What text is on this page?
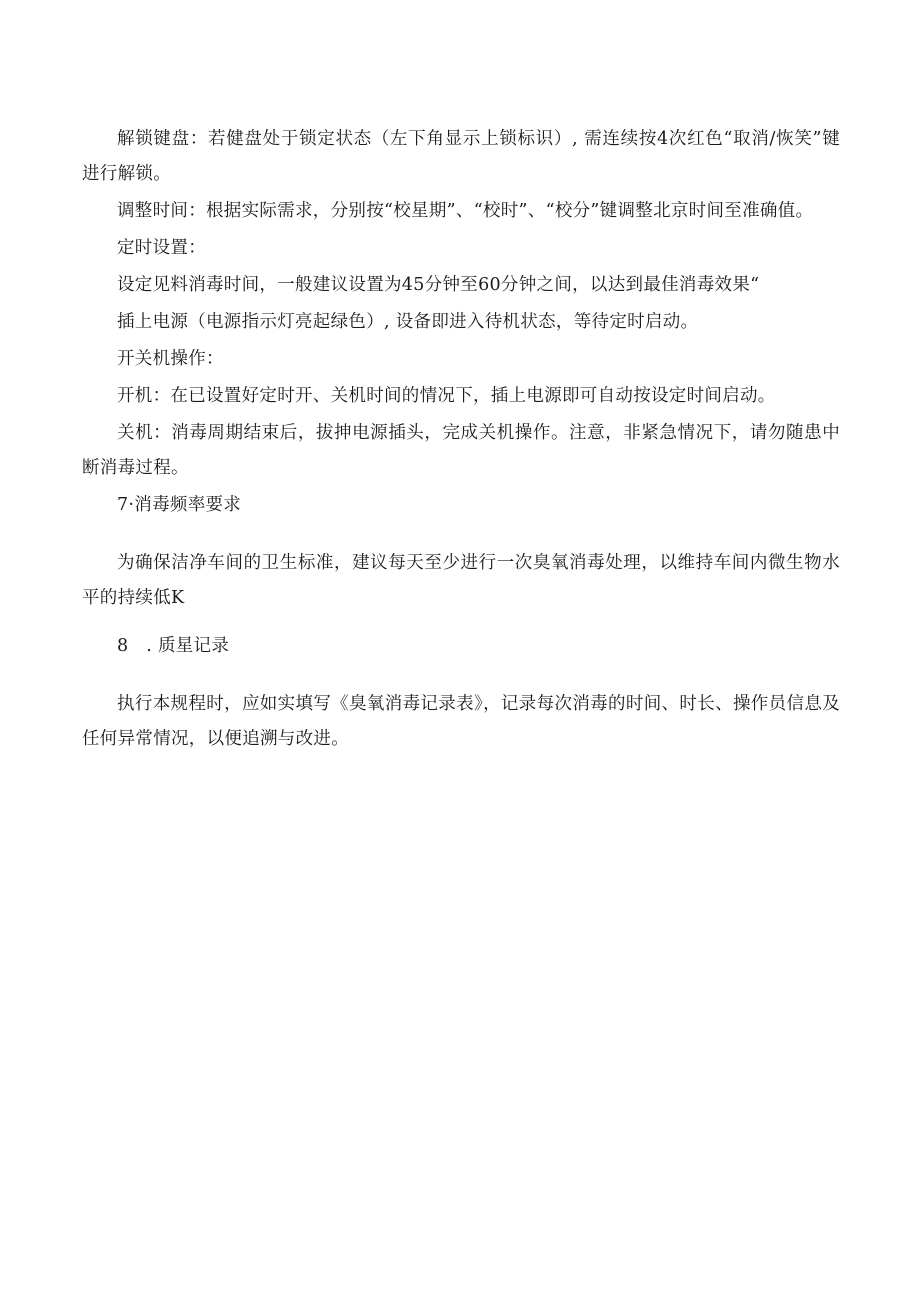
解锁键盘：若健盘处于锁定状态（左下角显示上锁标识）, 需连续按4次红色“取消/恢笑”键进行解锁。

调整时间：根据实际需求，分别按“校星期”、“校时”、“校分”键调整北京时间至准确值。

定时设置：

设定见料消毒时间，一般建议设置为45分钟至60分钟之间，以达到最佳消毒效果“

插上电源（电源指示灯亮起绿色）, 设备即进入待机状态，等待定时启动。

开关机操作：

开机：在已设置好定时开、关机时间的情况下，插上电源即可自动按设定时间启动。

关机：消毒周期结束后，拔抻电源插头，完成关机操作。注意，非紧急情况下，请勿随患中断消毒过程。

7·消毒频率要求

为确保洁净车间的卫生标准，建议每天至少进行一次臭氧消毒处理，以维持车间内微生物水平的持续低K

8　. 质星记录

执行本规程时，应如实填写《臭氧消毒记录表》，记录每次消毒的时间、时长、操作员信息及任何异常情况，以便追溯与改进。
